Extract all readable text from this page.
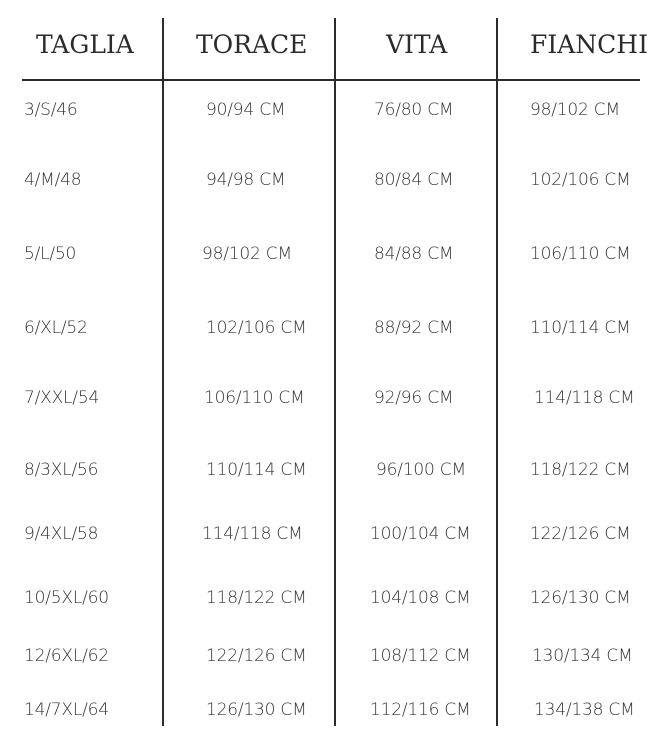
TAGLIA TORACE	VITA	FIANCHI
3/S/46	90/94 CM	76/80 CM	98/102 CM
4/M/48	94/98 CM	80/84 CM	102/106 CM
5/L/50	98/102 CM	84/88 CM	106/110 CM
6/XL/52	102/106 CM	88/92 CM	110/114 CM
7/XXL/54	106/110 CM	92/96 CM	114/118 CM
8/3XL/56	110/114 CM	96/100 CM	118/122 CM
9/4XL/58	114/118 CM	100/104 CM	122/126 CM
10/5XL/60	118/122 CM	104/108 CM	126/130 CM
12/6XL/62	122/126 CM	108/112 CM	130/134 CM
14/7XL/64	126/130 CM	112/116 CM	134/138 CM
